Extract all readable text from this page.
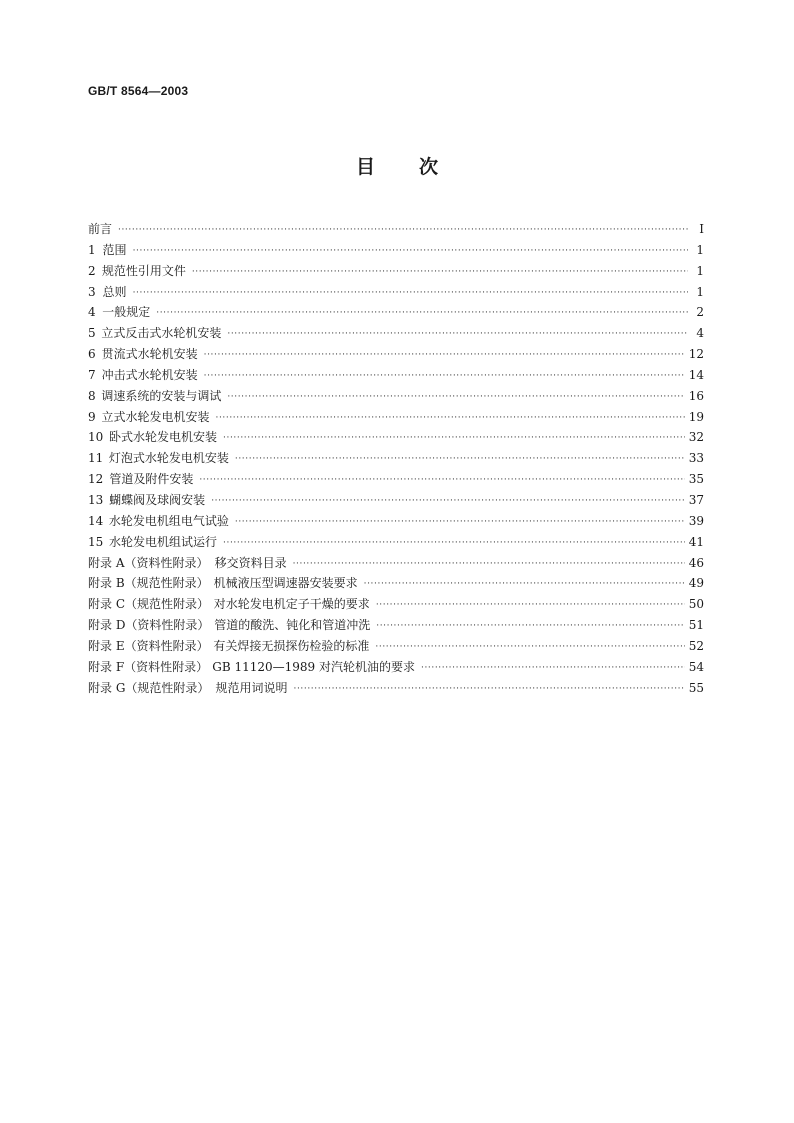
GB/T 8564—2003
目 次
前言 ·····	I
1 范围 ·····	1
2 规范性引用文件 ·····	1
3 总则 ·····	1
4 一般规定 ·····	2
5 立式反击式水轮机安装 ·····	4
6 贯流式水轮机安装 ·····	12
7 冲击式水轮机安装 ·····	14
8 调速系统的安装与调试 ·····	16
9 立式水轮发电机安装 ·····	19
10 卧式水轮发电机安装 ·····	32
11 灯泡式水轮发电机安装 ·····	33
12 管道及附件安装 ·····	35
13 蝴蝶阀及球阀安装 ·····	37
14 水轮发电机组电气试验 ·····	39
15 水轮发电机组试运行 ·····	41
附录 A（资料性附录） 移交资料目录 ·····	46
附录 B（规范性附录） 机械液压型调速器安装要求 ·····	49
附录 C（规范性附录） 对水轮发电机定子干燥的要求 ·····	50
附录 D（资料性附录） 管道的酸洗、钝化和管道冲洗 ·····	51
附录 E（资料性附录） 有关焊接无损探伤检验的标准 ·····	52
附录 F（资料性附录） GB 11120—1989 对汽轮机油的要求 ·····	54
附录 G（规范性附录） 规范用词说明 ·····	55
